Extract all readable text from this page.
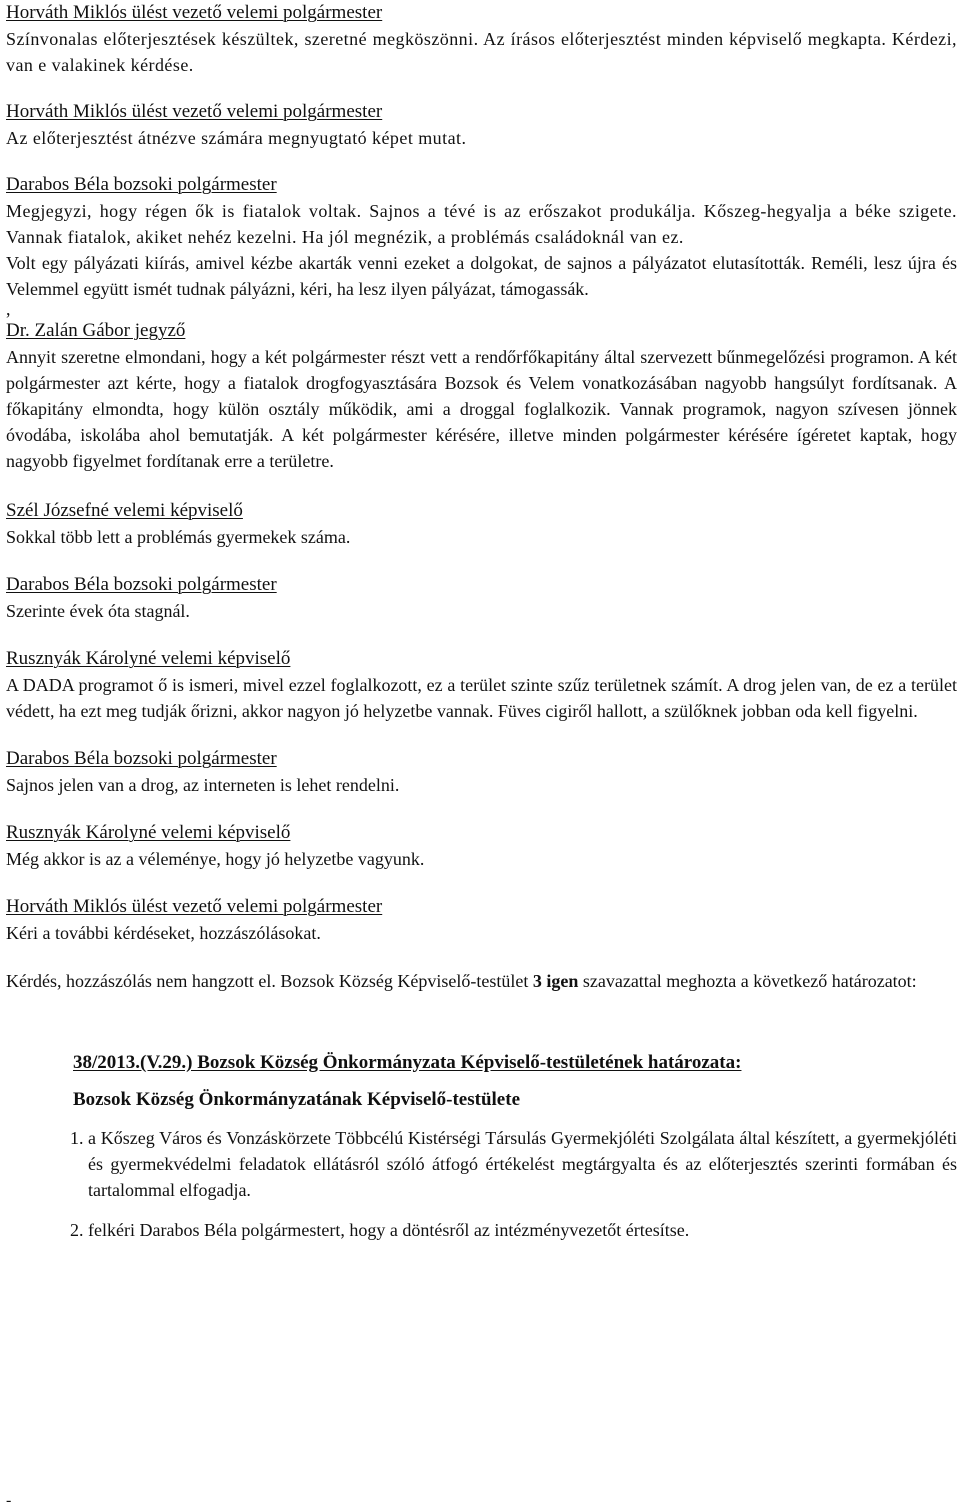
Horváth Miklós ülést vezető velemi polgármester

Színvonalas előterjesztések készültek, szeretné megköszönni. Az írásos előterjesztést minden képviselő megkapta. Kérdezi, van e valakinek kérdése.

Horváth Miklós ülést vezető velemi polgármester

Az előterjesztést átnézve számára megnyugtató képet mutat.

Darabos Béla bozsoki polgármester

Megjegyzi, hogy régen ők is fiatalok voltak. Sajnos a tévé is az erőszakot produkálja. Kőszeg-hegyalja a béke szigete. Vannak fiatalok, akiket nehéz kezelni. Ha jól megnézik, a problémás családoknál van ez.

Volt egy pályázati kiírás, amivel kézbe akarták venni ezeket a dolgokat, de sajnos a pályázatot elutasították. Reméli, lesz újra és Velemmel együtt ismét tudnak pályázni, kéri, ha lesz ilyen pályázat, támogassák.

,
Dr. Zalán Gábor jegyző

Annyit szeretne elmondani, hogy a két polgármester részt vett a rendőrfőkapitány által szervezett bűnmegelőzési programon. A két polgármester azt kérte, hogy a fiatalok drogfogyasztására Bozsok és Velem vonatkozásában nagyobb hangsúlyt fordítsanak. A főkapitány elmondta, hogy külön osztály működik, ami a droggal foglalkozik. Vannak programok, nagyon szívesen jönnek óvodába, iskolába ahol bemutatják. A két polgármester kérésére, illetve minden polgármester kérésére ígéretet kaptak, hogy nagyobb figyelmet fordítanak erre a területre.

Szél Józsefné velemi képviselő

Sokkal több lett a problémás gyermekek száma.

Darabos Béla bozsoki polgármester

Szerinte évek óta stagnál.

Rusznyák Károlyné velemi képviselő

A DADA programot ő is ismeri, mivel ezzel foglalkozott, ez a terület szinte szűz területnek számít. A drog jelen van, de ez a terület védett, ha ezt meg tudják őrizni, akkor nagyon jó helyzetbe vannak. Füves cigiről hallott, a szülőknek jobban oda kell figyelni.

Darabos Béla bozsoki polgármester

Sajnos jelen van a drog, az interneten is lehet rendelni.

Rusznyák Károlyné velemi képviselő

Még akkor is az a véleménye, hogy jó helyzetbe vagyunk.

Horváth Miklós ülést vezető velemi polgármester

Kéri a további kérdéseket, hozzászólásokat.

Kérdés, hozzászólás nem hangzott el. Bozsok Község Képviselő-testület 3 igen szavazattal meghozta a következő határozatot:

38/2013.(V.29.) Bozsok Község Önkormányzata Képviselő-testületének határozata:
Bozsok Község Önkormányzatának Képviselő-testülete
1. a Kőszeg Város és Vonzáskörzete Többcélú Kistérségi Társulás Gyermekjóléti Szolgálata által készített, a gyermekjóléti és gyermekvédelmi feladatok ellátásról szóló átfogó értékelést megtárgyalta és az előterjesztés szerinti formában és tartalommal elfogadja.
2. felkéri Darabos Béla polgármestert, hogy a döntésről az intézményvezetőt értesítse.
-
